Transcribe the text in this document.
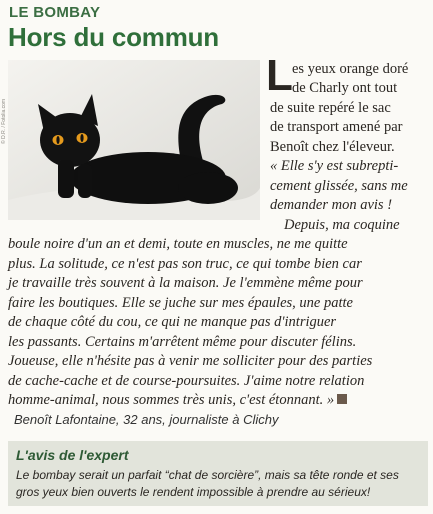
LE BOMBAY
Hors du commun
© D.R. / Fotolia.com
L es yeux orange doré
de Charly ont tout
de suite repéré le sac
de transport amené par
Benoît chez l'éleveur.
« Elle s'y est subrepti-
cement glissée, sans me
demander mon avis !
Depuis, ma coquine
boule noire d'un an et demi, toute en muscles, ne me quitte
plus. La solitude, ce n'est pas son truc, ce qui tombe bien car
je travaille très souvent à la maison. Je l'emmène même pour
faire les boutiques. Elle se juche sur mes épaules, une patte
de chaque côté du cou, ce qui ne manque pas d'intriguer
les passants. Certains m'arrêtent même pour discuter félins.
Joueuse, elle n'hésite pas à venir me solliciter pour des parties
de cache-cache et de course-poursuites. J'aime notre relation
homme-animal, nous sommes très unis, c'est étonnant. »
Benoît Lafontaine, 32 ans, journaliste à Clichy
L'avis de l'expert
Le bombay serait un parfait “chat de sorcière”, mais sa tête ronde et ses
gros yeux bien ouverts le rendent impossible à prendre au sérieux!
